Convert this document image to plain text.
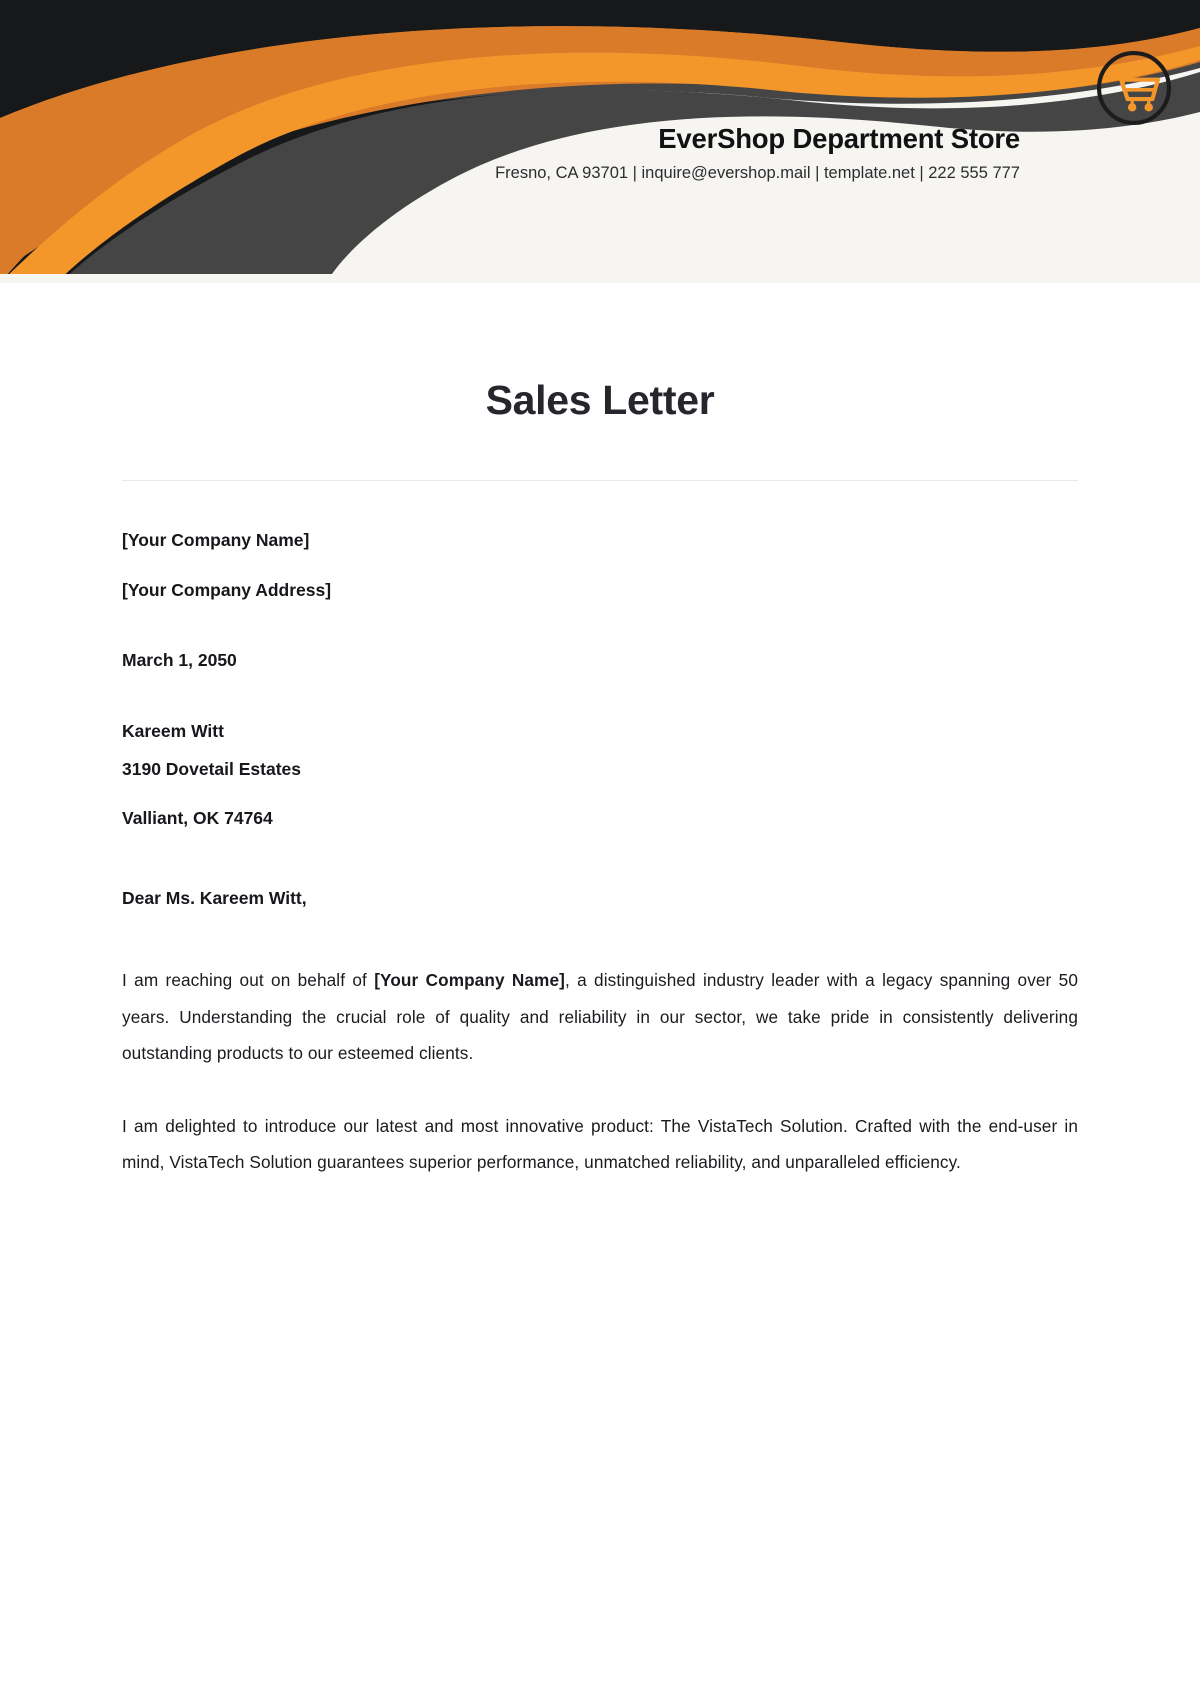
EverShop Department Store
Fresno, CA 93701 | inquire@evershop.mail | template.net | 222 555 777
Sales Letter

[Your Company Name]

[Your Company Address]

March 1, 2050

Kareem Witt

3190 Dovetail Estates

Valliant, OK 74764

Dear Ms. Kareem Witt,

I am reaching out on behalf of [Your Company Name], a distinguished industry leader with a legacy spanning over 50 years. Understanding the crucial role of quality and reliability in our sector, we take pride in consistently delivering outstanding products to our esteemed clients.

I am delighted to introduce our latest and most innovative product: The VistaTech Solution. Crafted with the end-user in mind, VistaTech Solution guarantees superior performance, unmatched reliability, and unparalleled efficiency.
